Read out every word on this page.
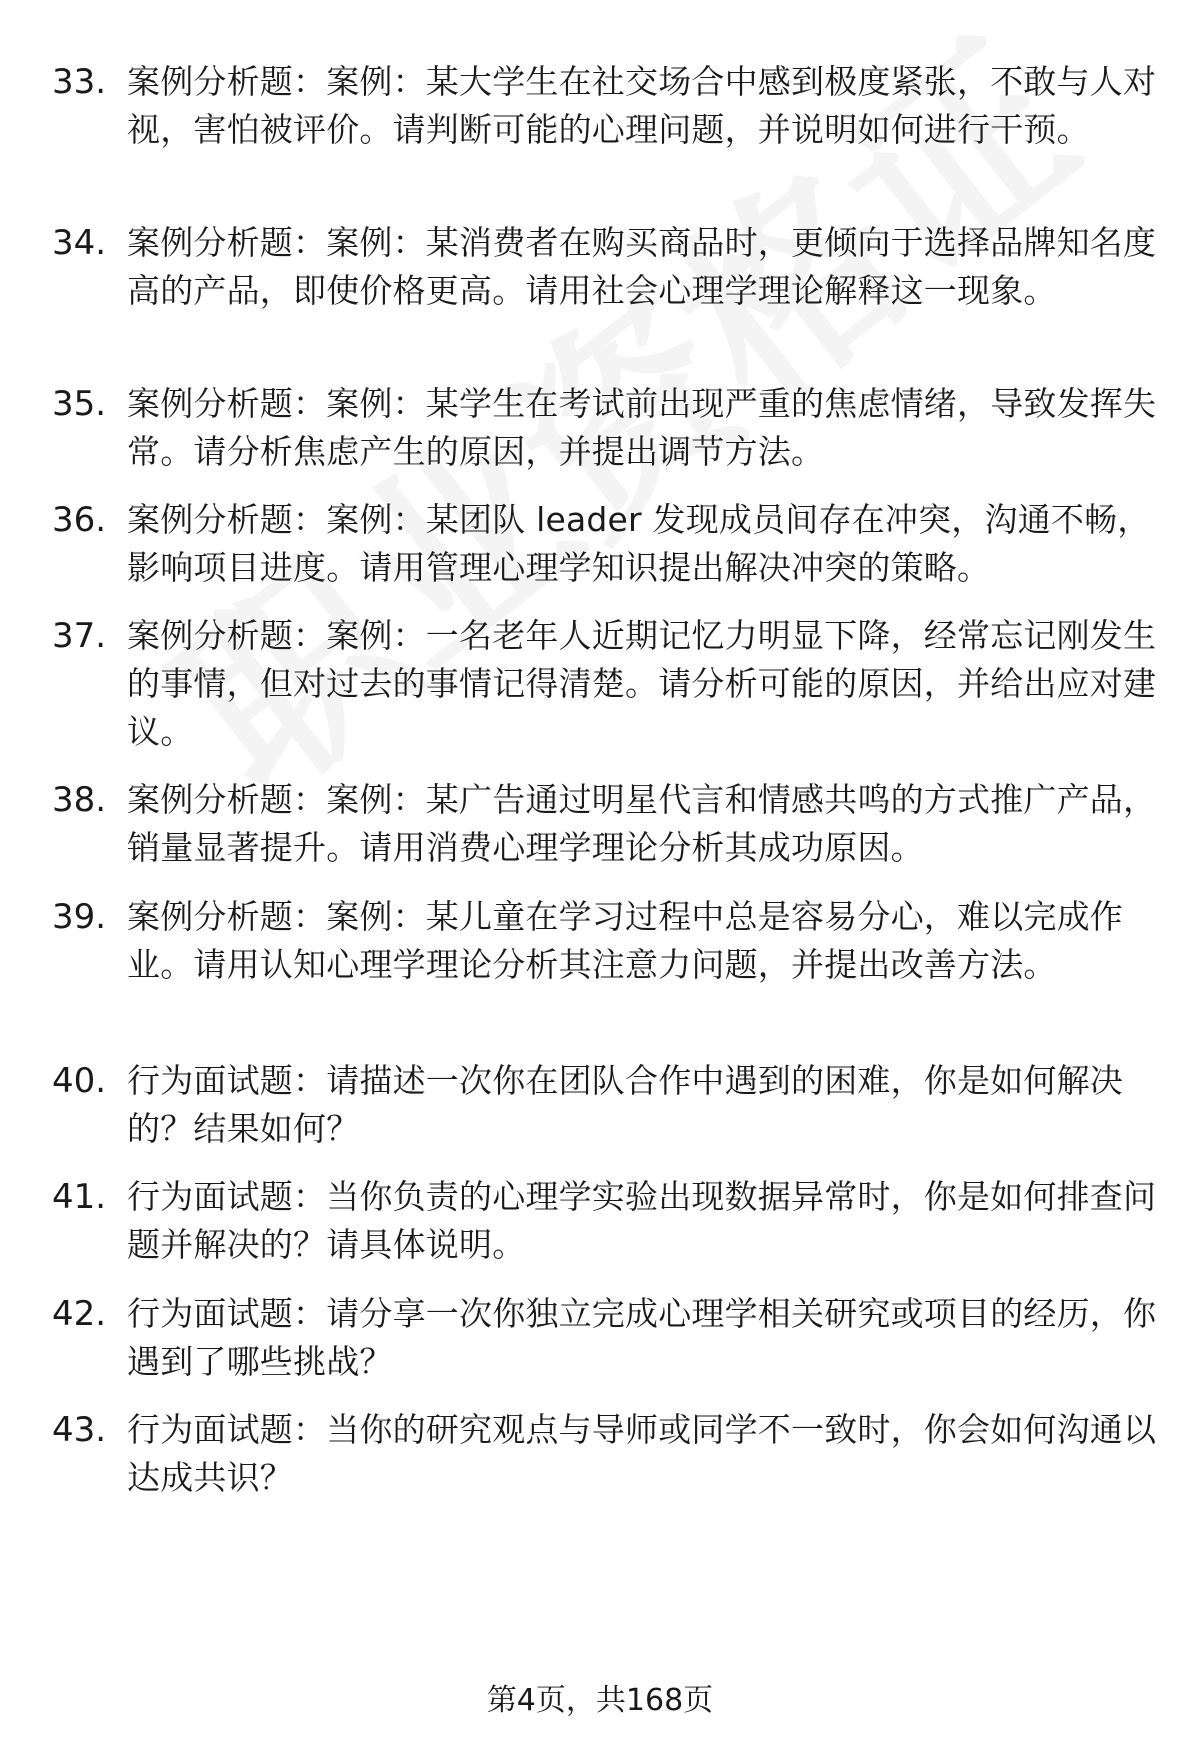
33. 案例分析题：案例：某大学生在社交场合中感到极度紧张，不敢与人对视，害怕被评价。请判断可能的心理问题，并说明如何进行干预。
34. 案例分析题：案例：某消费者在购买商品时，更倾向于选择品牌知名度高的产品，即使价格更高。请用社会心理学理论解释这一现象。
35. 案例分析题：案例：某学生在考试前出现严重的焦虑情绪，导致发挥失常。请分析焦虑产生的原因，并提出调节方法。
36. 案例分析题：案例：某团队 leader 发现成员间存在冲突，沟通不畅，影响项目进度。请用管理心理学知识提出解决冲突的策略。
37. 案例分析题：案例：一名老年人近期记忆力明显下降，经常忘记刚发生的事情，但对过去的事情记得清楚。请分析可能的原因，并给出应对建议。
38. 案例分析题：案例：某广告通过明星代言和情感共鸣的方式推广产品，销量显著提升。请用消费心理学理论分析其成功原因。
39. 案例分析题：案例：某儿童在学习过程中总是容易分心，难以完成作业。请用认知心理学理论分析其注意力问题，并提出改善方法。
40. 行为面试题：请描述一次你在团队合作中遇到的困难，你是如何解决的？结果如何？
41. 行为面试题：当你负责的心理学实验出现数据异常时，你是如何排查问题并解决的？请具体说明。
42. 行为面试题：请分享一次你独立完成心理学相关研究或项目的经历，你遇到了哪些挑战？
43. 行为面试题：当你的研究观点与导师或同学不一致时，你会如何沟通以达成共识？
第4页，共168页
